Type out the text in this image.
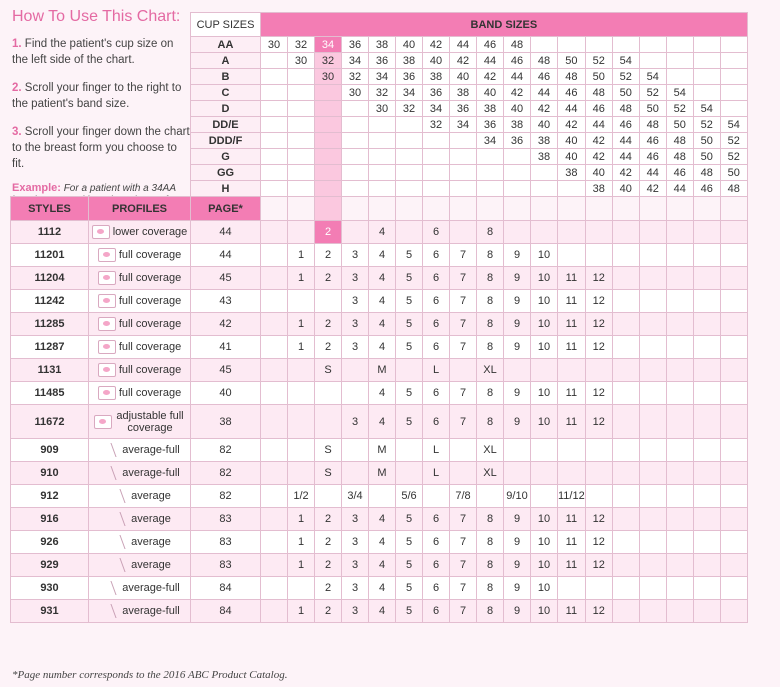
How To Use This Chart:

1. Find the patient's cup size on the left side of the chart.

2. Scroll your finger to the right to the patient's band size.

3. Scroll your finger down the chart to the breast form you choose to fit.

Example: For a patient with a 34AA
		CUP SIZES	BAND SIZES																	
		AA	30	32	34	36	38	40	42	44	46	48								
		A		30	32	34	36	38	40	42	44	46	48	50	52	54				
		B			30	32	34	36	38	40	42	44	46	48	50	52	54			
		C				30	32	34	36	38	40	42	44	46	48	50	52	54		
		D					30	32	34	36	38	40	42	44	46	48	50	52	54	
		DD/E							32	34	36	38	40	42	44	46	48	50	52	54
		DDD/F									34	36	38	40	42	44	46	48	50	52
		G											38	40	42	44	46	48	50	52
		GG												38	40	42	44	46	48	50
		H													38	40	42	44	46	48
STYLES	PROFILES	PAGE*																		
1112	lower coverage	44			2		4		6		8									
11201	full coverage	44		1	2	3	4	5	6	7	8	9	10							
11204	full coverage	45		1	2	3	4	5	6	7	8	9	10	11	12					
11242	full coverage	43				3	4	5	6	7	8	9	10	11	12					
11285	full coverage	42		1	2	3	4	5	6	7	8	9	10	11	12					
11287	full coverage	41		1	2	3	4	5	6	7	8	9	10	11	12					
1131	full coverage	45			S		M		L		XL									
11485	full coverage	40					4	5	6	7	8	9	10	11	12					
11672	adjustable full coverage	38				3	4	5	6	7	8	9	10	11	12					
909	average-full	82			S		M		L		XL									
910	average-full	82			S		M		L		XL									
912	average	82		1/2		3/4		5/6		7/8		9/10		11/12						
916	average	83		1	2	3	4	5	6	7	8	9	10	11	12					
926	average	83		1	2	3	4	5	6	7	8	9	10	11	12					
929	average	83		1	2	3	4	5	6	7	8	9	10	11	12					
930	average-full	84			2	3	4	5	6	7	8	9	10							
931	average-full	84		1	2	3	4	5	6	7	8	9	10	11	12					
*Page number corresponds to the 2016 ABC Product Catalog.
